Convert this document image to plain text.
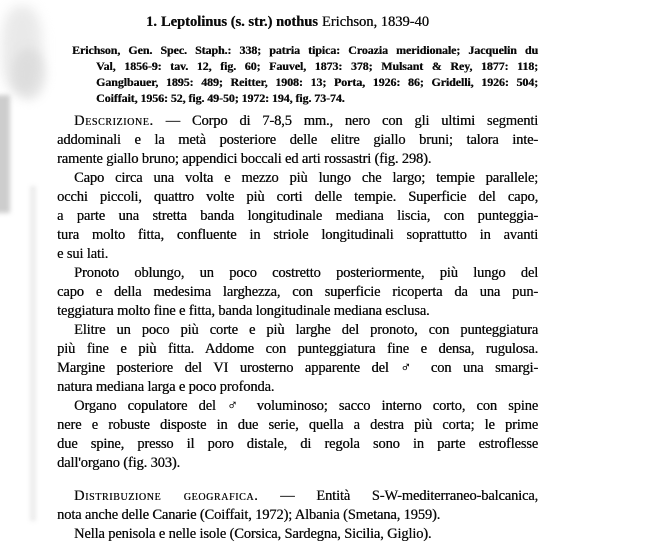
1. Leptolinus (s. str.) nothus Erichson, 1839-40
Erichson, Gen. Spec. Staph.: 338; patria tipica: Croazia meridionale; Jacquelin du
Val, 1856-9: tav. 12, fig. 60; Fauvel, 1873: 378; Mulsant & Rey, 1877: 118;
Ganglbauer, 1895: 489; Reitter, 1908: 13; Porta, 1926: 86; Gridelli, 1926: 504;
Coiffait, 1956: 52, fig. 49-50; 1972: 194, fig. 73-74.
Descrizione. — Corpo di 7-8,5 mm., nero con gli ultimi segmenti
addominali e la metà posteriore delle elitre giallo bruni; talora inte-
ramente giallo bruno; appendici boccali ed arti rossastri (fig. 298).
Capo circa una volta e mezzo più lungo che largo; tempie parallele;
occhi piccoli, quattro volte più corti delle tempie. Superficie del capo,
a parte una stretta banda longitudinale mediana liscia, con punteggia-
tura molto fitta, confluente in striole longitudinali soprattutto in avanti
e sui lati.
Pronoto oblungo, un poco costretto posteriormente, più lungo del
capo e della medesima larghezza, con superficie ricoperta da una pun-
teggiatura molto fine e fitta, banda longitudinale mediana esclusa.
Elitre un poco più corte e più larghe del pronoto, con punteggiatura
più fine e più fitta. Addome con punteggiatura fine e densa, rugulosa.
Margine posteriore del VI urosterno apparente del ♂ con una smargi-
natura mediana larga e poco profonda.
Organo copulatore del ♂ voluminoso; sacco interno corto, con spine
nere e robuste disposte in due serie, quella a destra più corta; le prime
due spine, presso il poro distale, di regola sono in parte estroflesse
dall'organo (fig. 303).
Distribuzione geografica. — Entità S-W-mediterraneo-balcanica,
nota anche delle Canarie (Coiffait, 1972); Albania (Smetana, 1959).
Nella penisola e nelle isole (Corsica, Sardegna, Sicilia, Giglio).
